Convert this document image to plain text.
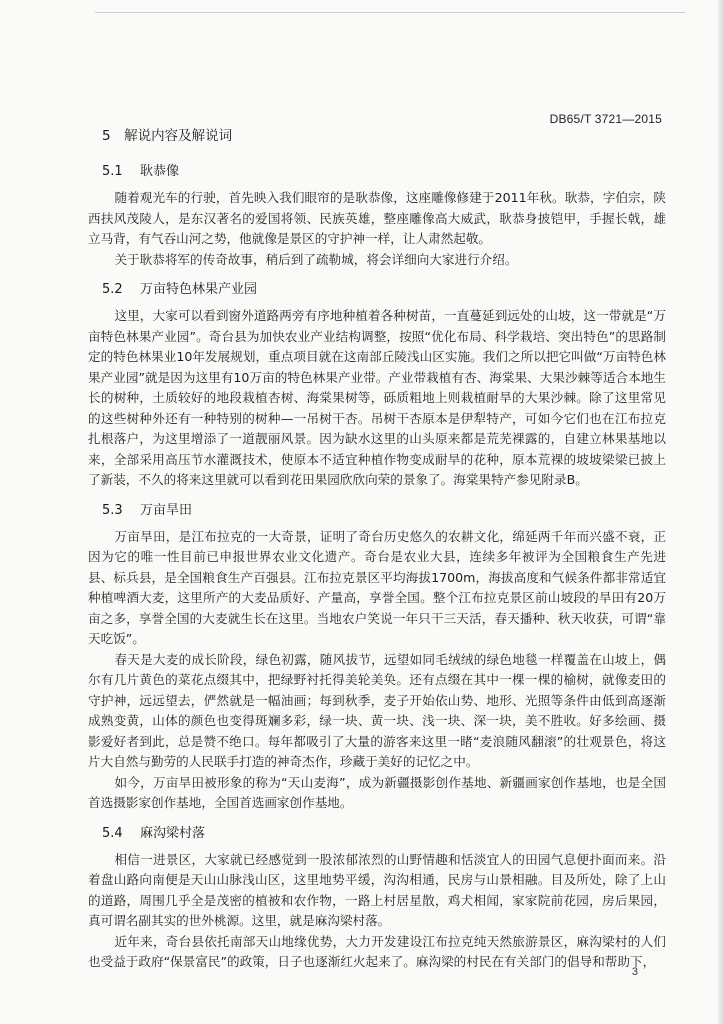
DB65/T 3721—2015
5　解说内容及解说词
5.1 耿恭像

随着观光车的行驶，首先映入我们眼帘的是耿恭像，这座雕像修建于2011年秋。耿恭，字伯宗，陕西扶风茂陵人，是东汉著名的爱国将领、民族英雄，整座雕像高大威武，耿恭身披铠甲，手握长戟，雄立马背，有气吞山河之势，他就像是景区的守护神一样，让人肃然起敬。

关于耿恭将军的传奇故事，稍后到了疏勒城，将会详细向大家进行介绍。

5.2 万亩特色林果产业园

这里，大家可以看到窗外道路两旁有序地种植着各种树苗，一直蔓延到远处的山坡，这一带就是“万亩特色林果产业园”。奇台县为加快农业产业结构调整，按照“优化布局、科学栽培、突出特色”的思路制定的特色林果业10年发展规划，重点项目就在这南部丘陵浅山区实施。我们之所以把它叫做“万亩特色林果产业园”就是因为这里有10万亩的特色林果产业带。产业带栽植有杏、海棠果、大果沙棘等适合本地生长的树种，土质较好的地段栽植杏树、海棠果树等，砾质粗地上则栽植耐旱的大果沙棘。除了这里常见的这些树种外还有一种特别的树种—一吊树干杏。吊树干杏原本是伊犁特产，可如今它们也在江布拉克扎根落户，为这里增添了一道靓丽风景。因为缺水这里的山头原来都是荒芜裸露的，自建立林果基地以来，全部采用高压节水灌溉技术，使原本不适宜种植作物变成耐旱的花种，原本荒裸的坡坡梁梁已披上了新装，不久的将来这里就可以看到花田果园欣欣向荣的景象了。海棠果特产参见附录B。

5.3 万亩旱田

万亩旱田，是江布拉克的一大奇景，证明了奇台历史悠久的农耕文化，绵延两千年而兴盛不衰，正因为它的唯一性目前已申报世界农业文化遗产。奇台是农业大县，连续多年被评为全国粮食生产先进县、标兵县，是全国粮食生产百强县。江布拉克景区平均海拔1700m，海拔高度和气候条件都非常适宜种植啤酒大麦，这里所产的大麦品质好、产量高，享誉全国。整个江布拉克景区前山坡段的旱田有20万亩之多，享誉全国的大麦就生长在这里。当地农户笑说一年只干三天活，春天播种、秋天收获，可谓“靠天吃饭”。

春天是大麦的成长阶段，绿色初露，随风拔节，远望如同毛绒绒的绿色地毯一样覆盖在山坡上，偶尔有几片黄色的菜花点缀其中，把绿野衬托得美轮美奂。还有点缀在其中一棵一棵的榆树，就像麦田的守护神，远远望去，俨然就是一幅油画；每到秋季，麦子开始依山势、地形、光照等条件由低到高逐渐成熟变黄，山体的颜色也变得斑斓多彩，绿一块、黄一块、浅一块、深一块，美不胜收。好多绘画、摄影爱好者到此，总是赞不绝口。每年都吸引了大量的游客来这里一睹“麦浪随风翻滚”的壮观景色，将这片大自然与勤劳的人民联手打造的神奇杰作，珍藏于美好的记忆之中。

如今，万亩旱田被形象的称为“天山麦海”，成为新疆摄影创作基地、新疆画家创作基地，也是全国首选摄影家创作基地，全国首选画家创作基地。

5.4 麻沟梁村落

相信一进景区，大家就已经感觉到一股浓郁浓烈的山野情趣和恬淡宜人的田园气息便扑面而来。沿着盘山路向南便是天山山脉浅山区，这里地势平缓，沟沟相通，民房与山景相融。目及所处，除了上山的道路，周围几乎全是茂密的植被和农作物，一路上村居星散，鸡犬相闻，家家院前花园，房后果园，真可谓名副其实的世外桃源。这里，就是麻沟梁村落。

近年来，奇台县依托南部天山地缘优势，大力开发建设江布拉克纯天然旅游景区，麻沟梁村的人们也受益于政府“保景富民”的政策，日子也逐渐红火起来了。麻沟梁的村民在有关部门的倡导和帮助下，

3
